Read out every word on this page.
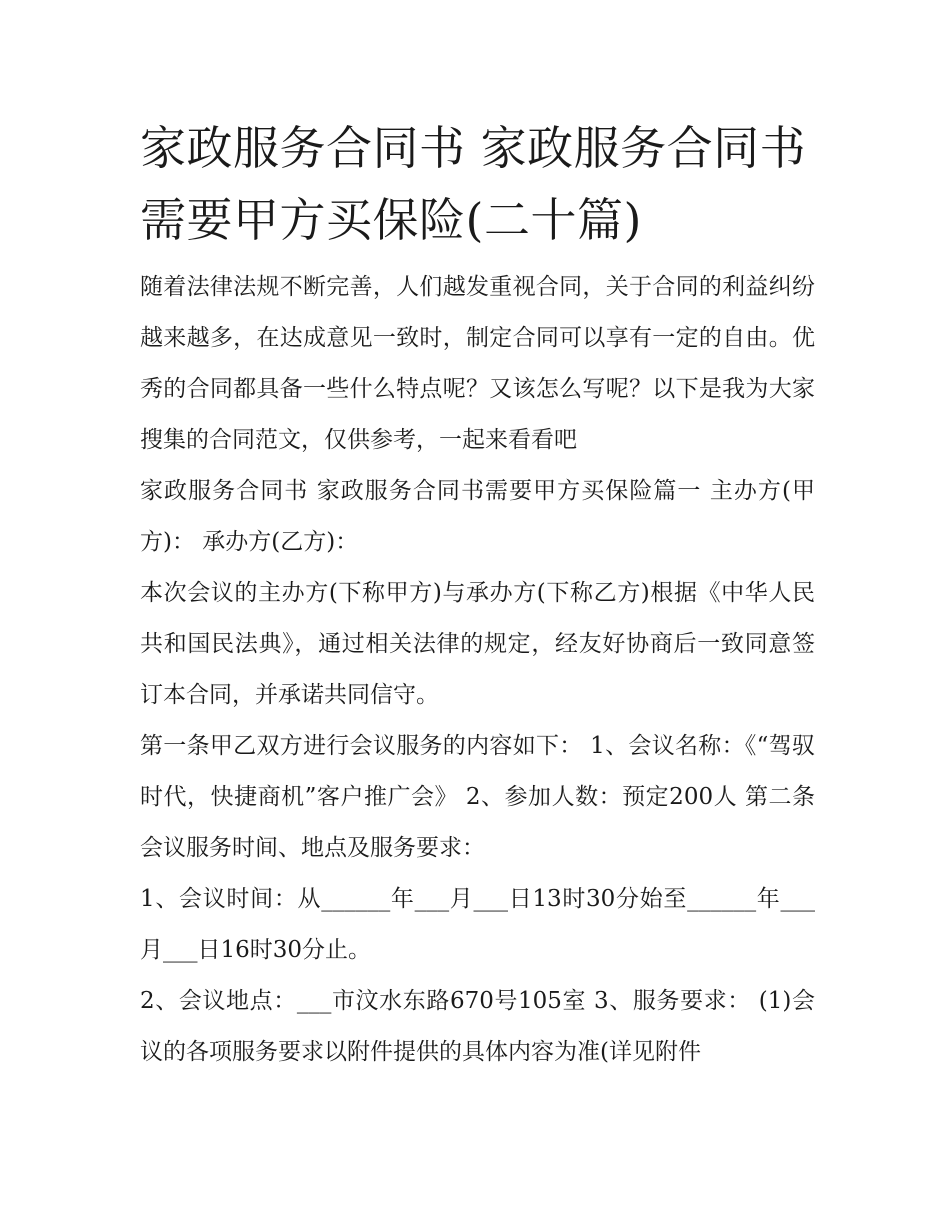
家政服务合同书 家政服务合同书需要甲方买保险(二十篇)

随着法律法规不断完善，人们越发重视合同，关于合同的利益纠纷越来越多，在达成意见一致时，制定合同可以享有一定的自由。优秀的合同都具备一些什么特点呢？又该怎么写呢？以下是我为大家搜集的合同范文，仅供参考，一起来看看吧

家政服务合同书 家政服务合同书需要甲方买保险篇一 主办方(甲方)： 承办方(乙方)：

本次会议的主办方(下称甲方)与承办方(下称乙方)根据《中华人民共和国民法典》，通过相关法律的规定，经友好协商后一致同意签订本合同，并承诺共同信守。

第一条甲乙双方进行会议服务的内容如下： 1、会议名称：《“驾驭时代，快捷商机”客户推广会》 2、参加人数：预定200人 第二条会议服务时间、地点及服务要求：

1、会议时间：从______年___月___日13时30分始至______年___月___日16时30分止。

2、会议地点：___市汶水东路670号105室 3、服务要求： (1)会议的各项服务要求以附件提供的具体内容为准(详见附件
